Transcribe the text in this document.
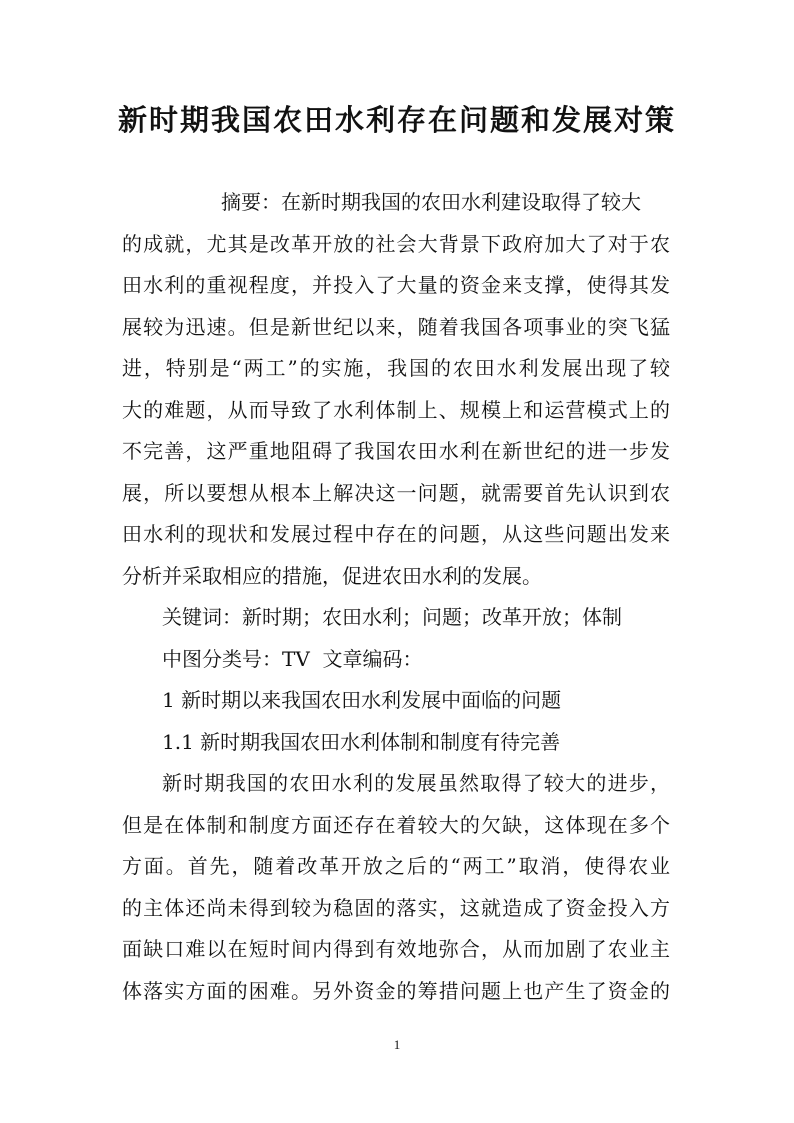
新时期我国农田水利存在问题和发展对策
摘要：在新时期我国的农田水利建设取得了较大
的成就，尤其是改革开放的社会大背景下政府加大了对于农
田水利的重视程度，并投入了大量的资金来支撑，使得其发
展较为迅速。但是新世纪以来，随着我国各项事业的突飞猛
进，特别是“两工”的实施，我国的农田水利发展出现了较
大的难题，从而导致了水利体制上、规模上和运营模式上的
不完善，这严重地阻碍了我国农田水利在新世纪的进一步发
展，所以要想从根本上解决这一问题，就需要首先认识到农
田水利的现状和发展过程中存在的问题，从这些问题出发来
分析并采取相应的措施，促进农田水利的发展。
关键词：新时期；农田水利；问题；改革开放；体制
中图分类号：TV  文章编码：
1 新时期以来我国农田水利发展中面临的问题
1.1 新时期我国农田水利体制和制度有待完善
新时期我国的农田水利的发展虽然取得了较大的进步，
但是在体制和制度方面还存在着较大的欠缺，这体现在多个
方面。首先，随着改革开放之后的“两工”取消，使得农业
的主体还尚未得到较为稳固的落实，这就造成了资金投入方
面缺口难以在短时间内得到有效地弥合，从而加剧了农业主
体落实方面的困难。另外资金的筹措问题上也产生了资金的
1
